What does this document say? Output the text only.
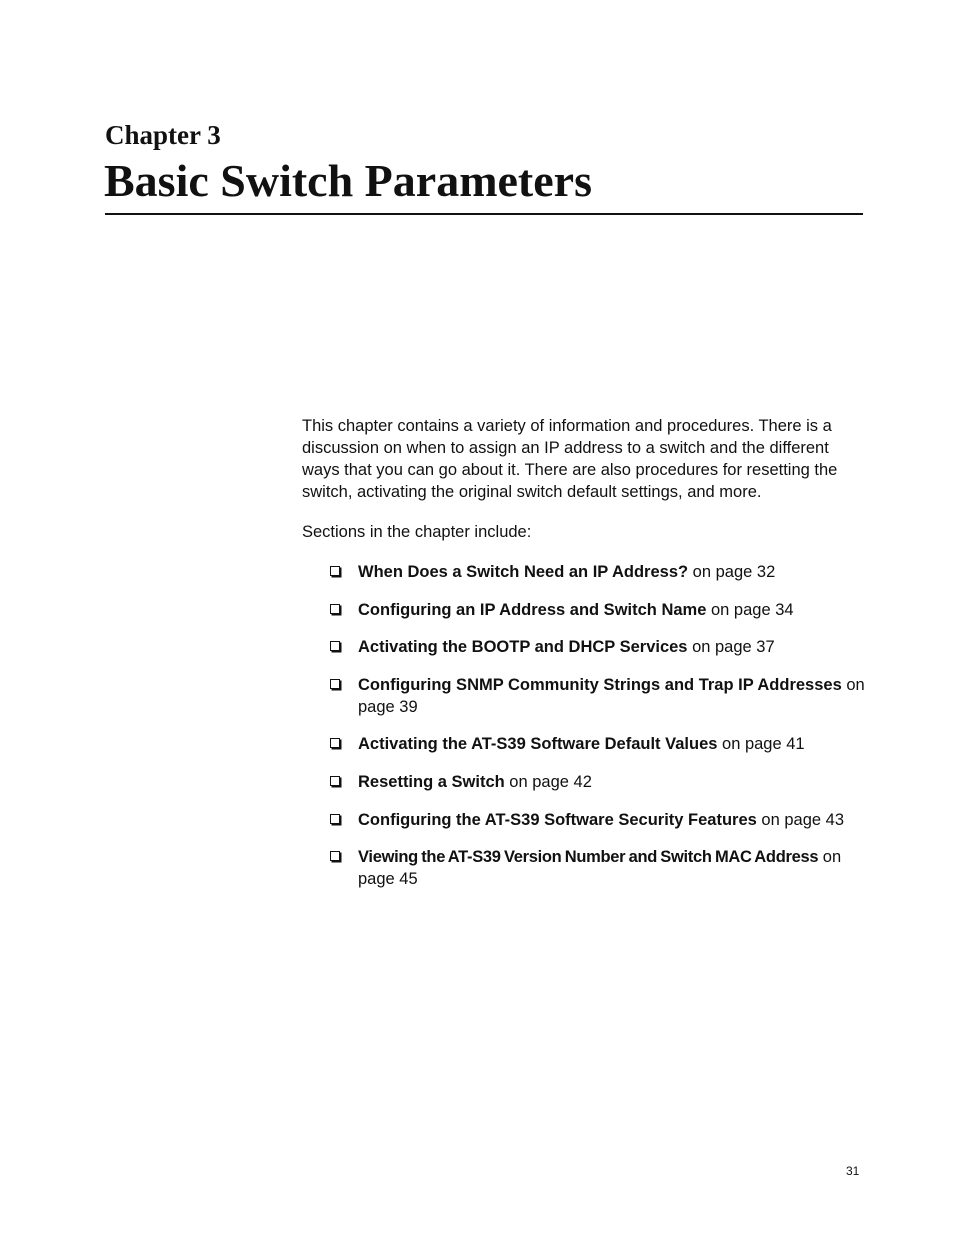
Chapter 3
Basic Switch Parameters

This chapter contains a variety of information and procedures. There is a discussion on when to assign an IP address to a switch and the different ways that you can go about it. There are also procedures for resetting the switch, activating the original switch default settings, and more.

Sections in the chapter include:

When Does a Switch Need an IP Address? on page 32
Configuring an IP Address and Switch Name on page 34
Activating the BOOTP and DHCP Services on page 37
Configuring SNMP Community Strings and Trap IP Addresses on page 39
Activating the AT-S39 Software Default Values on page 41
Resetting a Switch on page 42
Configuring the AT-S39 Software Security Features on page 43
Viewing the AT-S39 Version Number and Switch MAC Address on page 45

31
